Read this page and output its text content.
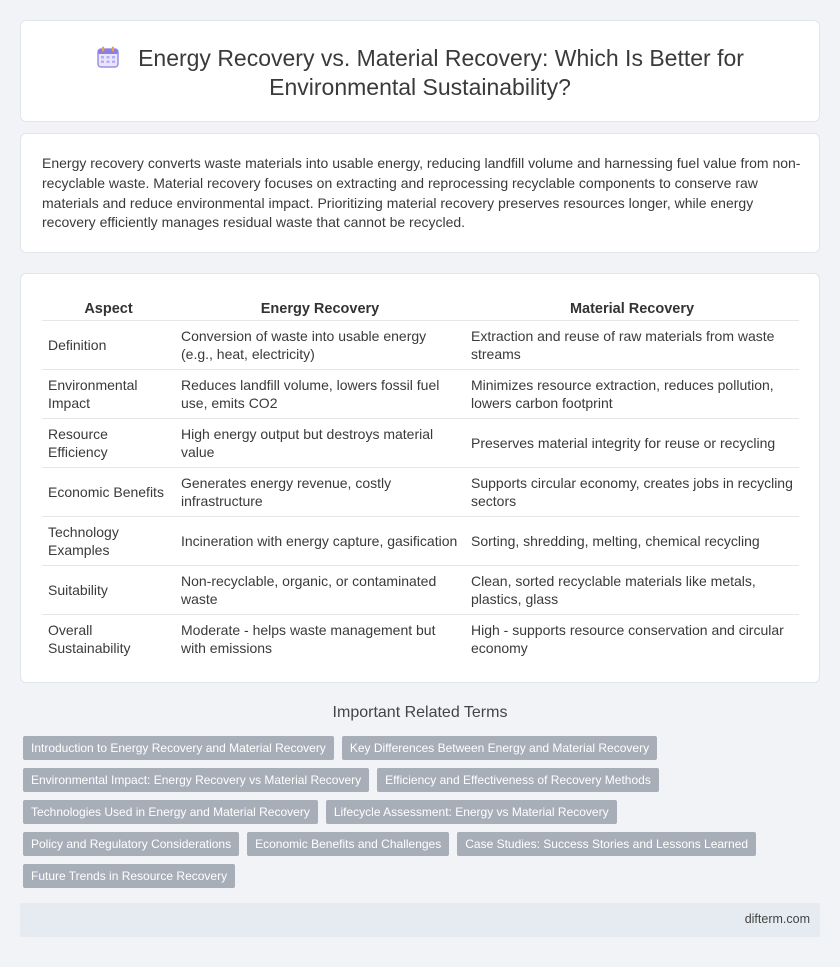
Energy Recovery vs. Material Recovery: Which Is Better for Environmental Sustainability?

Energy recovery converts waste materials into usable energy, reducing landfill volume and harnessing fuel value from non-recyclable waste. Material recovery focuses on extracting and reprocessing recyclable components to conserve raw materials and reduce environmental impact. Prioritizing material recovery preserves resources longer, while energy recovery efficiently manages residual waste that cannot be recycled.

Aspect	Energy Recovery	Material Recovery
Definition	Conversion of waste into usable energy (e.g., heat, electricity)	Extraction and reuse of raw materials from waste streams
Environmental Impact	Reduces landfill volume, lowers fossil fuel use, emits CO2	Minimizes resource extraction, reduces pollution, lowers carbon footprint
Resource Efficiency	High energy output but destroys material value	Preserves material integrity for reuse or recycling
Economic Benefits	Generates energy revenue, costly infrastructure	Supports circular economy, creates jobs in recycling sectors
Technology Examples	Incineration with energy capture, gasification	Sorting, shredding, melting, chemical recycling
Suitability	Non-recyclable, organic, or contaminated waste	Clean, sorted recyclable materials like metals, plastics, glass
Overall Sustainability	Moderate - helps waste management but with emissions	High - supports resource conservation and circular economy
Important Related Terms
Introduction to Energy Recovery and Material Recovery	Key Differences Between Energy and Material Recovery
Environmental Impact: Energy Recovery vs Material Recovery	Efficiency and Effectiveness of Recovery Methods
Technologies Used in Energy and Material Recovery	Lifecycle Assessment: Energy vs Material Recovery
Policy and Regulatory Considerations	Economic Benefits and Challenges	Case Studies: Success Stories and Lessons Learned
Future Trends in Resource Recovery
difterm.com
